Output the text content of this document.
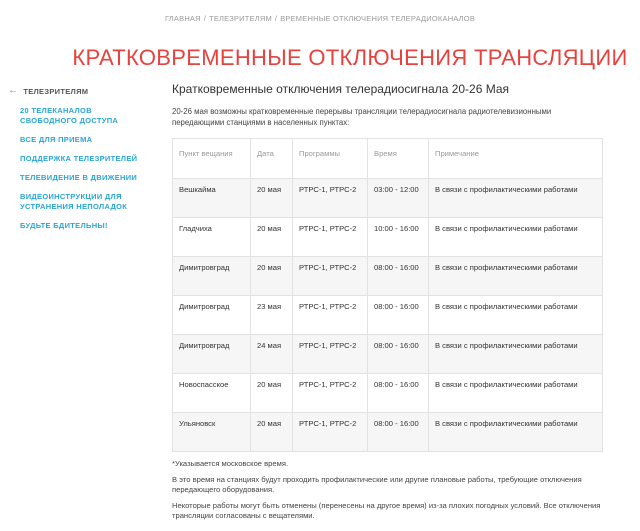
ГЛАВНАЯ / ТЕЛЕЗРИТЕЛЯМ / ВРЕМЕННЫЕ ОТКЛЮЧЕНИЯ ТЕЛЕРАДИОКАНАЛОВ
КРАТКОВРЕМЕННЫЕ ОТКЛЮЧЕНИЯ ТРАНСЛЯЦИИ
← ТЕЛЕЗРИТЕЛЯМ
20 ТЕЛЕКАНАЛОВ СВОБОДНОГО ДОСТУПА
ВСЕ ДЛЯ ПРИЕМА
ПОДДЕРЖКА ТЕЛЕЗРИТЕЛЕЙ
ТЕЛЕВИДЕНИЕ В ДВИЖЕНИИ
ВИДЕОИНСТРУКЦИИ ДЛЯ УСТРАНЕНИЯ НЕПОЛАДОК
БУДЬТЕ БДИТЕЛЬНЫ!
Кратковременные отключения телерадиосигнала 20-26 Мая
20-26 мая возможны кратковременные перерывы трансляции телерадиосигнала радиотелевизионными передающими станциями в населенных пунктах:
Пункт вещания	Дата	Программы	Время	Примечание
Вешкайма	20 мая	РТРС-1, РТРС-2	03:00 - 12:00	В связи с профилактическими работами
Гладчиха	20 мая	РТРС-1, РТРС-2	10:00 - 16:00	В связи с профилактическими работами
Димитровград	20 мая	РТРС-1, РТРС-2	08:00 - 16:00	В связи с профилактическими работами
Димитровград	23 мая	РТРС-1, РТРС-2	08:00 - 16:00	В связи с профилактическими работами
Димитровград	24 мая	РТРС-1, РТРС-2	08:00 - 16:00	В связи с профилактическими работами
Новоспасское	20 мая	РТРС-1, РТРС-2	08:00 - 16:00	В связи с профилактическими работами
Ульяновск	20 мая	РТРС-1, РТРС-2	08:00 - 16:00	В связи с профилактическими работами

*Указывается московское время.

В это время на станциях будут проходить профилактические или другие плановые работы, требующие отключения передающего оборудования.

Некоторые работы могут быть отменены (перенесены на другое время) из-за плохих погодных условий. Все отключения трансляции согласованы с вещателями.
